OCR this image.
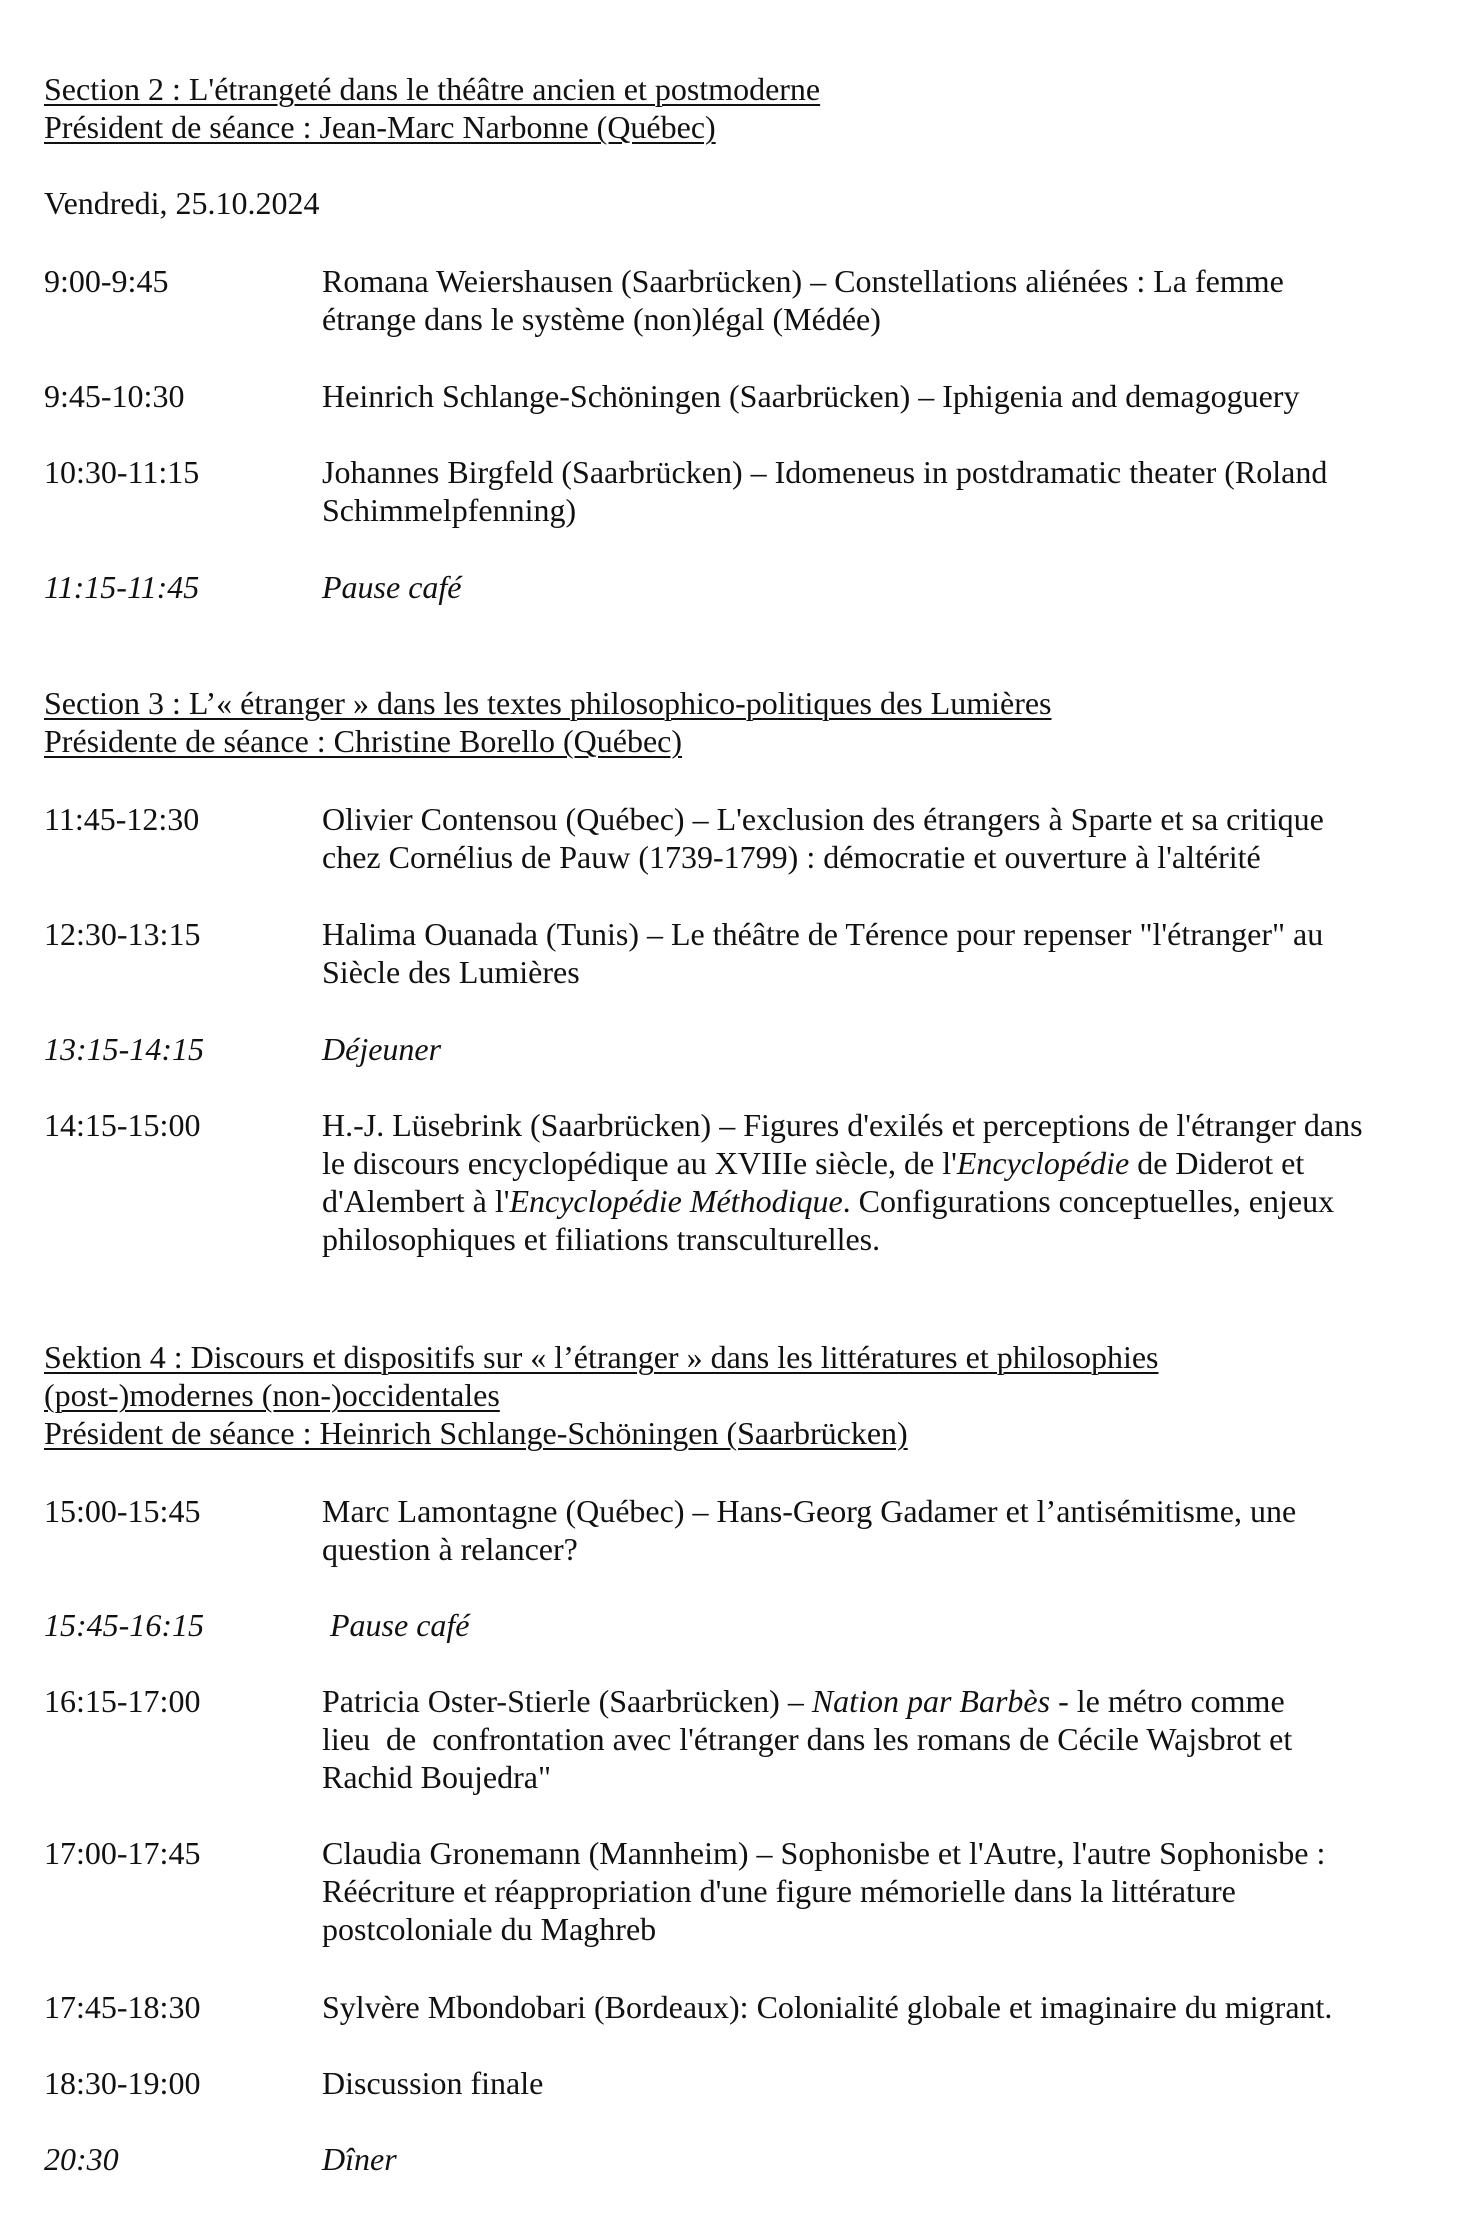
Section 2 : L'étrangeté dans le théâtre ancien et postmoderne
Président de séance : Jean-Marc Narbonne (Québec)
Vendredi, 25.10.2024
9:00-9:45	Romana Weiershausen (Saarbrücken) – Constellations aliénées : La femme
étrange dans le système (non)légal (Médée)
9:45-10:30	Heinrich Schlange-Schöningen (Saarbrücken) – Iphigenia and demagoguery
10:30-11:15	Johannes Birgfeld (Saarbrücken) – Idomeneus in postdramatic theater (Roland
Schimmelpfenning)
11:15-11:45	Pause café
Section 3 : L’« étranger » dans les textes philosophico-politiques des Lumières
Présidente de séance : Christine Borello (Québec)
11:45-12:30	Olivier Contensou (Québec) – L'exclusion des étrangers à Sparte et sa critique
chez Cornélius de Pauw (1739-1799) : démocratie et ouverture à l'altérité
12:30-13:15	Halima Ouanada (Tunis) – Le théâtre de Térence pour repenser "l'étranger" au
Siècle des Lumières
13:15-14:15	Déjeuner
14:15-15:00	H.-J. Lüsebrink (Saarbrücken) – Figures d'exilés et perceptions de l'étranger dans
le discours encyclopédique au XVIIIe siècle, de l'Encyclopédie de Diderot et
d'Alembert à l'Encyclopédie Méthodique. Configurations conceptuelles, enjeux
philosophiques et filiations transculturelles.
Sektion 4 : Discours et dispositifs sur « l’étranger » dans les littératures et philosophies
(post-)modernes (non-)occidentales
Président de séance : Heinrich Schlange-Schöningen (Saarbrücken)
15:00-15:45	Marc Lamontagne (Québec) – Hans-Georg Gadamer et l’antisémitisme, une
question à relancer?
15:45-16:15	Pause café
16:15-17:00	Patricia Oster-Stierle (Saarbrücken) – Nation par Barbès - le métro comme
lieu  de  confrontation avec l'étranger dans les romans de Cécile Wajsbrot et
Rachid Boujedra"
17:00-17:45	Claudia Gronemann (Mannheim) – Sophonisbe et l'Autre, l'autre Sophonisbe :
Réécriture et réappropriation d'une figure mémorielle dans la littérature
postcoloniale du Maghreb
17:45-18:30	Sylvère Mbondobari (Bordeaux): Colonialité globale et imaginaire du migrant.
18:30-19:00	Discussion finale
20:30	Dîner
